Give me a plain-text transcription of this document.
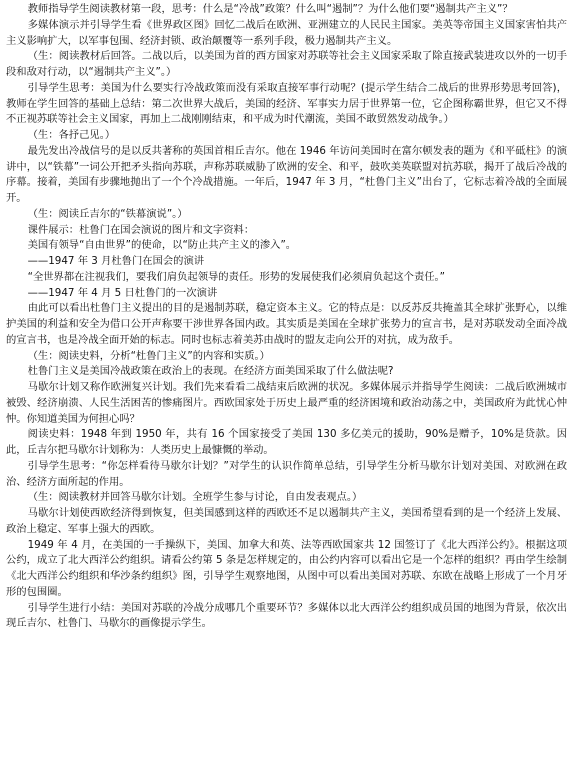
教师指导学生阅读教材第一段，思考：什么是“冷战”政策？什么叫“遏制”？为什么他们要“遏制共产主义”？

多媒体演示并引导学生看《世界政区图》回忆二战后在欧洲、亚洲建立的人民民主国家。美英等帝国主义国家害怕共产主义影响扩大，以军事包围、经济封锁、政治颠覆等一系列手段，极力遏制共产主义。

（生：阅读教材后回答。二战以后，以美国为首的西方国家对苏联等社会主义国家采取了除直接武装进攻以外的一切手段和敌对行动，以“遏制共产主义”。）

引导学生思考：美国为什么要实行冷战政策而没有采取直接军事行动呢？(提示学生结合二战后的世界形势思考回答)，教师在学生回答的基础上总结：第二次世界大战后，美国的经济、军事实力居于世界第一位，它企图称霸世界，但它又不得不正视苏联等社会主义国家，再加上二战刚刚结束，和平成为时代潮流，美国不敢贸然发动战争。）

（生：各抒己见。）

最先发出冷战信号的是以反共著称的英国首相丘吉尔。他在 1946 年访问美国时在富尔顿发表的题为《和平砥柱》的演讲中，以“铁幕”一词公开把矛头指向苏联，声称苏联威胁了欧洲的安全、和平，鼓吹美英联盟对抗苏联，揭开了战后冷战的序幕。接着，美国有步骤地抛出了一个个冷战措施。一年后，1947 年 3 月，“杜鲁门主义”出台了，它标志着冷战的全面展开。

（生：阅读丘吉尔的“铁幕演说”。）

课件展示：杜鲁门在国会演说的图片和文字资料：

美国有领导“自由世界”的使命，以“防止共产主义的渗入”。

——1947 年 3 月杜鲁门在国会的演讲

“全世界都在注视我们，要我们肩负起领导的责任。形势的发展使我们必须肩负起这个责任。”

——1947 年 4 月 5 日杜鲁门的一次演讲

由此可以看出杜鲁门主义提出的目的是遏制苏联，稳定资本主义。它的特点是：以反苏反共掩盖其全球扩张野心，以维护美国的利益和安全为借口公开声称要干涉世界各国内政。其实质是美国在全球扩张势力的宣言书，是对苏联发动全面冷战的宣言书，也是冷战全面开始的标志。同时也标志着美苏由战时的盟友走向公开的对抗，成为敌手。

（生：阅读史料，分析“杜鲁门主义”的内容和实质。）

杜鲁门主义是美国冷战政策在政治上的表现。在经济方面美国采取了什么做法呢?

马歇尔计划又称作欧洲复兴计划。我们先来看看二战结束后欧洲的状况。多媒体展示并指导学生阅读：二战后欧洲城市被毁、经济崩溃、人民生活困苦的惨痛图片。西欧国家处于历史上最严重的经济困境和政治动荡之中，美国政府为此忧心忡忡。你知道美国为何担心吗？

阅读史料：1948 年到 1950 年，共有 16 个国家接受了美国 130 多亿美元的援助，90%是赠予，10%是贷款。因此，丘吉尔把马歇尔计划称为：人类历史上最慷慨的举动。

引导学生思考：“你怎样看待马歇尔计划？”对学生的认识作简单总结，引导学生分析马歇尔计划对美国、对欧洲在政治、经济方面所起的作用。

（生：阅读教材并回答马歇尔计划。全班学生参与讨论，自由发表观点。）

马歇尔计划使西欧经济得到恢复，但美国感到这样的西欧还不足以遏制共产主义，美国希望看到的是一个经济上发展、政治上稳定、军事上强大的西欧。

1949 年 4 月，在美国的一手操纵下，美国、加拿大和英、法等西欧国家共 12 国签订了《北大西洋公约》。根据这项公约，成立了北大西洋公约组织。请看公约第 5 条是怎样规定的，由公约内容可以看出它是一个怎样的组织？再由学生绘制《北大西洋公约组织和华沙条约组织》图，引导学生观察地图，从图中可以看出美国对苏联、东欧在战略上形成了一个月牙形的包围圈。

引导学生进行小结：美国对苏联的冷战分成哪几个重要环节？多媒体以北大西洋公约组织成员国的地图为背景，依次出现丘吉尔、杜鲁门、马歇尔的画像提示学生。
